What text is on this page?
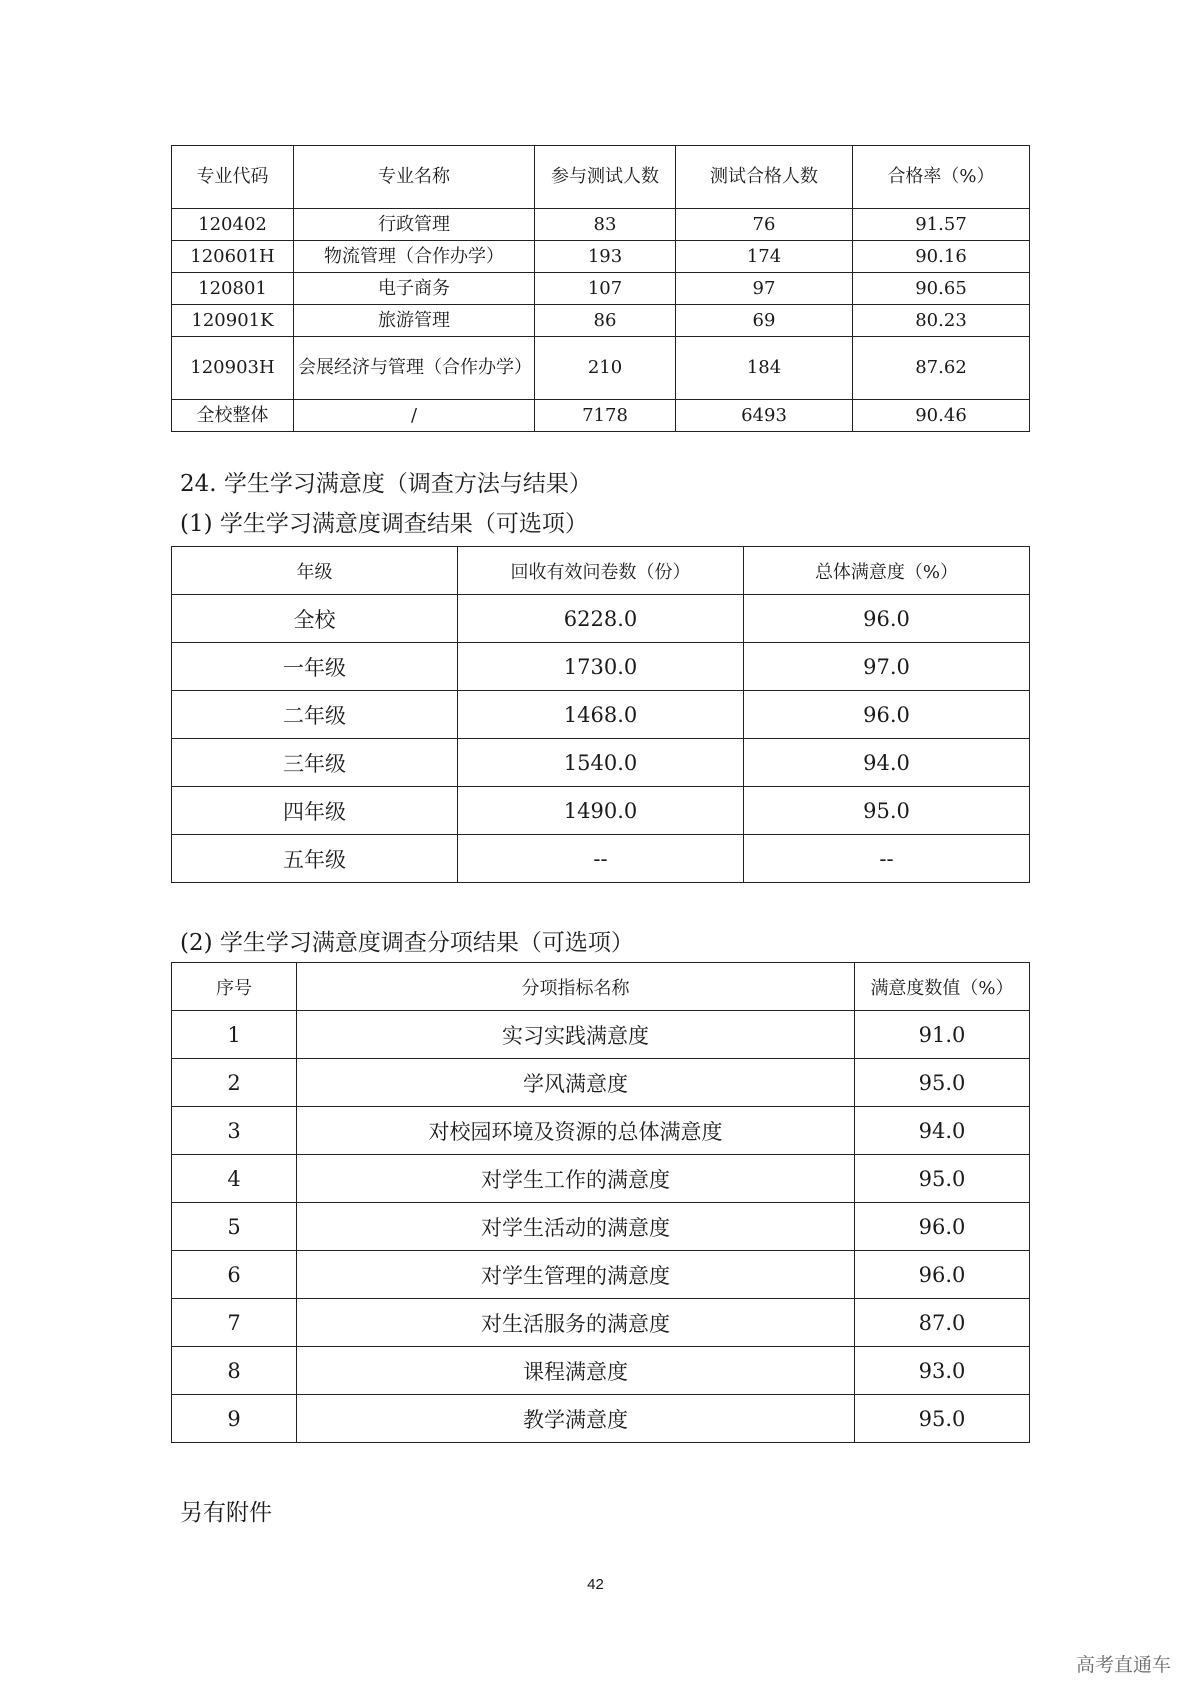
专业代码	专业名称	参与测试人数	测试合格人数	合格率（%）
120402	行政管理	83	76	91.57
120601H	物流管理（合作办学）	193	174	90.16
120801	电子商务	107	97	90.65
120901K	旅游管理	86	69	80.23
120903H	会展经济与管理（合作办学）	210	184	87.62
全校整体	/	7178	6493	90.46
24. 学生学习满意度（调查方法与结果）
(1) 学生学习满意度调查结果（可选项）
年级	回收有效问卷数（份）	总体满意度（%）
全校	6228.0	96.0
一年级	1730.0	97.0
二年级	1468.0	96.0
三年级	1540.0	94.0
四年级	1490.0	95.0
五年级	--	--
(2) 学生学习满意度调查分项结果（可选项）
序号	分项指标名称	满意度数值（%）
1	实习实践满意度	91.0
2	学风满意度	95.0
3	对校园环境及资源的总体满意度	94.0
4	对学生工作的满意度	95.0
5	对学生活动的满意度	96.0
6	对学生管理的满意度	96.0
7	对生活服务的满意度	87.0
8	课程满意度	93.0
9	教学满意度	95.0
另有附件
42
高考直通车
